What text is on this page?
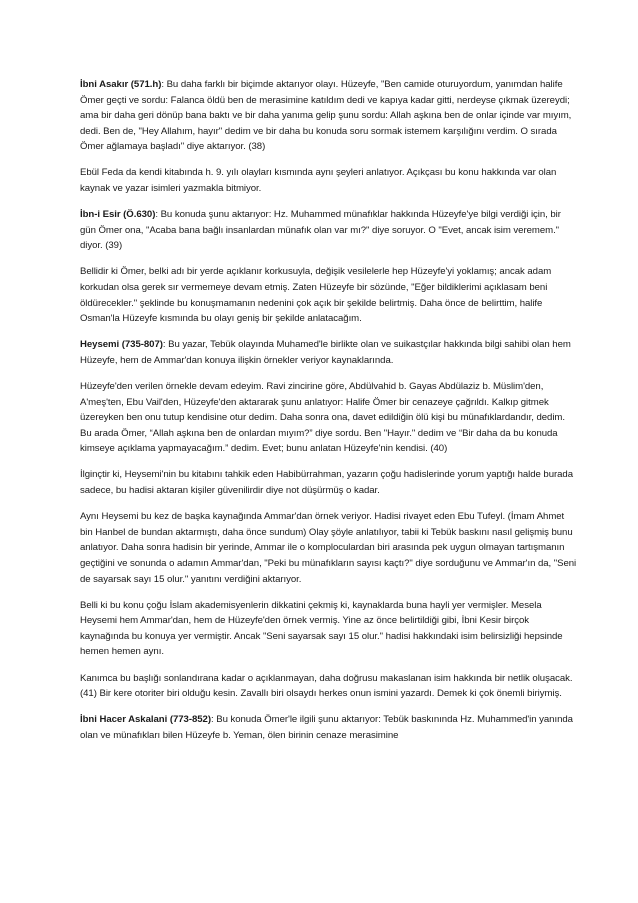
İbni Asakır (571.h): Bu daha farklı bir biçimde aktarıyor olayı. Hüzeyfe, "Ben camide oturuyordum, yanımdan halife Ömer geçti ve sordu: Falanca öldü ben de merasimine katıldım dedi ve kapıya kadar gitti, nerdeyse çıkmak üzereydi; ama bir daha geri dönüp bana baktı ve bir daha yanıma gelip şunu sordu: Allah aşkına ben de onlar içinde var mıyım, dedi. Ben de, "Hey Allahım, hayır" dedim ve bir daha bu konuda soru sormak istemem karşılığını verdim. O sırada Ömer ağlamaya başladı" diye aktarıyor. (38)

Ebül Feda da kendi kitabında h. 9. yılı olayları kısmında aynı şeyleri anlatıyor. Açıkçası bu konu hakkında var olan kaynak ve yazar isimleri yazmakla bitmiyor.

İbn-i Esir (Ö.630): Bu konuda şunu aktarıyor: Hz. Muhammed münafıklar hakkında Hüzeyfe'ye bilgi verdiği için, bir gün Ömer ona, "Acaba bana bağlı insanlardan münafık olan var mı?" diye soruyor. O "Evet, ancak isim veremem." diyor. (39)

Bellidir ki Ömer, belki adı bir yerde açıklanır korkusuyla, değişik vesilelerle hep Hüzeyfe'yi yoklamış; ancak adam korkudan olsa gerek sır vermemeye devam etmiş. Zaten Hüzeyfe bir sözünde, "Eğer bildiklerimi açıklasam beni öldürecekler." şeklinde bu konuşmamanın nedenini çok açık bir şekilde belirtmiş. Daha önce de belirttim, halife Osman'la Hüzeyfe kısmında bu olayı geniş bir şekilde anlatacağım.

Heysemi (735-807): Bu yazar, Tebük olayında Muhamed'le birlikte olan ve suikastçılar hakkında bilgi sahibi olan hem Hüzeyfe, hem de Ammar'dan konuya ilişkin örnekler veriyor kaynaklarında.

Hüzeyfe'den verilen örnekle devam edeyim. Ravi zincirine göre, Abdülvahid b. Gayas Abdülaziz b. Müslim'den, A'meş'ten, Ebu Vail'den, Hüzeyfe'den aktararak şunu anlatıyor: Halife Ömer bir cenazeye çağrıldı. Kalkıp gitmek üzereyken ben onu tutup kendisine otur dedim. Daha sonra ona, davet edildiğin ölü kişi bu münafıklardandır, dedim. Bu arada Ömer, “Allah aşkına ben de onlardan mıyım?” diye sordu. Ben "Hayır." dedim ve “Bir daha da bu konuda kimseye açıklama yapmayacağım.” dedim. Evet; bunu anlatan Hüzeyfe'nin kendisi. (40)

İlginçtir ki, Heysemi'nin bu kitabını tahkik eden Habibürrahman, yazarın çoğu hadislerinde yorum yaptığı halde burada sadece, bu hadisi aktaran kişiler güvenilirdir diye not düşürmüş o kadar.

Aynı Heysemi bu kez de başka kaynağında Ammar'dan örnek veriyor. Hadisi rivayet eden Ebu Tufeyl. (İmam Ahmet bin Hanbel de bundan aktarmıştı, daha önce sundum) Olay şöyle anlatılıyor, tabii ki Tebük baskını nasıl gelişmiş bunu anlatıyor. Daha sonra hadisin bir yerinde, Ammar ile o komploculardan biri arasında pek uygun olmayan tartışmanın geçtiğini ve sonunda o adamın Ammar'dan, "Peki bu münafıkların sayısı kaçtı?" diye sorduğunu ve Ammar'ın da, "Seni de sayarsak sayı 15 olur." yanıtını verdiğini aktarıyor.

Belli ki bu konu çoğu İslam akademisyenlerin dikkatini çekmiş ki, kaynaklarda buna hayli yer vermişler. Mesela Heysemi hem Ammar'dan, hem de Hüzeyfe'den örnek vermiş. Yine az önce belirtildiği gibi, İbni Kesir birçok kaynağında bu konuya yer vermiştir. Ancak "Seni sayarsak sayı 15 olur." hadisi hakkındaki isim belirsizliği hepsinde hemen hemen aynı.

Kanımca bu başlığı sonlandırana kadar o açıklanmayan, daha doğrusu makaslanan isim hakkında bir netlik oluşacak. (41) Bir kere otoriter biri olduğu kesin. Zavallı biri olsaydı herkes onun ismini yazardı. Demek ki çok önemli biriymiş.

İbni Hacer Askalani (773-852): Bu konuda Ömer'le ilgili şunu aktarıyor: Tebük baskınında Hz. Muhammed'in yanında olan ve münafıkları bilen Hüzeyfe b. Yeman, ölen birinin cenaze merasimine
